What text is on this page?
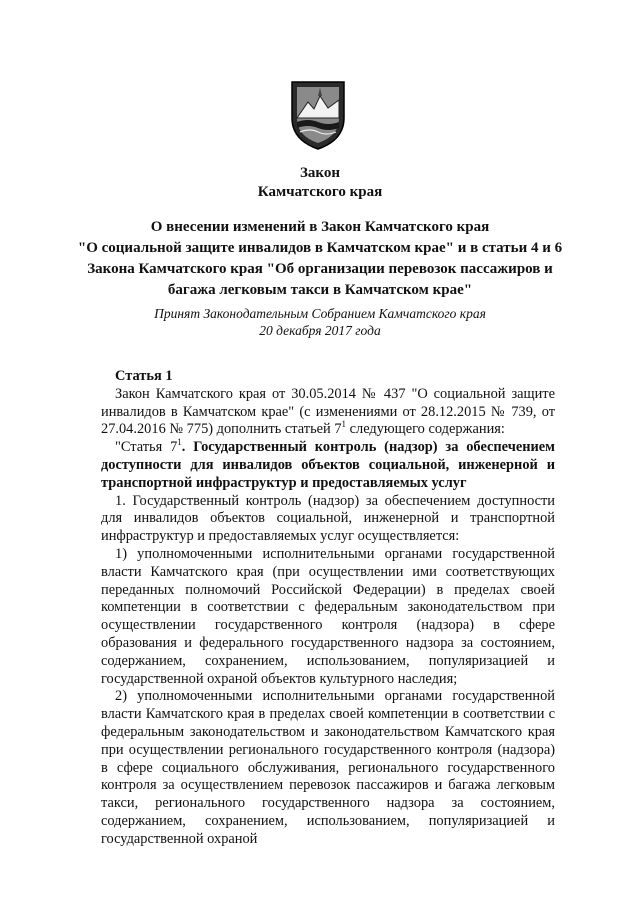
Закон
Камчатского края
О внесении изменений в Закон Камчатского края
"О социальной защите инвалидов в Камчатском крае" и в статьи 4 и 6
Закона Камчатского края "Об организации перевозок пассажиров и
багажа легковым такси в Камчатском крае"
Принят Законодательным Собранием Камчатского края
20 декабря 2017 года

Статья 1

Закон Камчатского края от 30.05.2014 № 437 "О социальной защите инвалидов в Камчатском крае" (с изменениями от 28.12.2015 № 739, от 27.04.2016 № 775) дополнить статьей $7^1$ следующего содержания:

"Статья $7^1$. Государственный контроль (надзор) за обеспечением доступности для инвалидов объектов социальной, инженерной и транспортной инфраструктур и предоставляемых услуг

1. Государственный контроль (надзор) за обеспечением доступности для инвалидов объектов социальной, инженерной и транспортной инфраструктур и предоставляемых услуг осуществляется:

1) уполномоченными исполнительными органами государственной власти Камчатского края (при осуществлении ими соответствующих переданных полномочий Российской Федерации) в пределах своей компетенции в соответствии с федеральным законодательством при осуществлении государственного контроля (надзора) в сфере образования и федерального государственного надзора за состоянием, содержанием, сохранением, использованием, популяризацией и государственной охраной объектов культурного наследия;

2) уполномоченными исполнительными органами государственной власти Камчатского края в пределах своей компетенции в соответствии с федеральным законодательством и законодательством Камчатского края при осуществлении регионального государственного контроля (надзора) в сфере социального обслуживания, регионального государственного контроля за осуществлением перевозок пассажиров и багажа легковым такси, регионального государственного надзора за состоянием, содержанием, сохранением, использованием, популяризацией и государственной охраной
